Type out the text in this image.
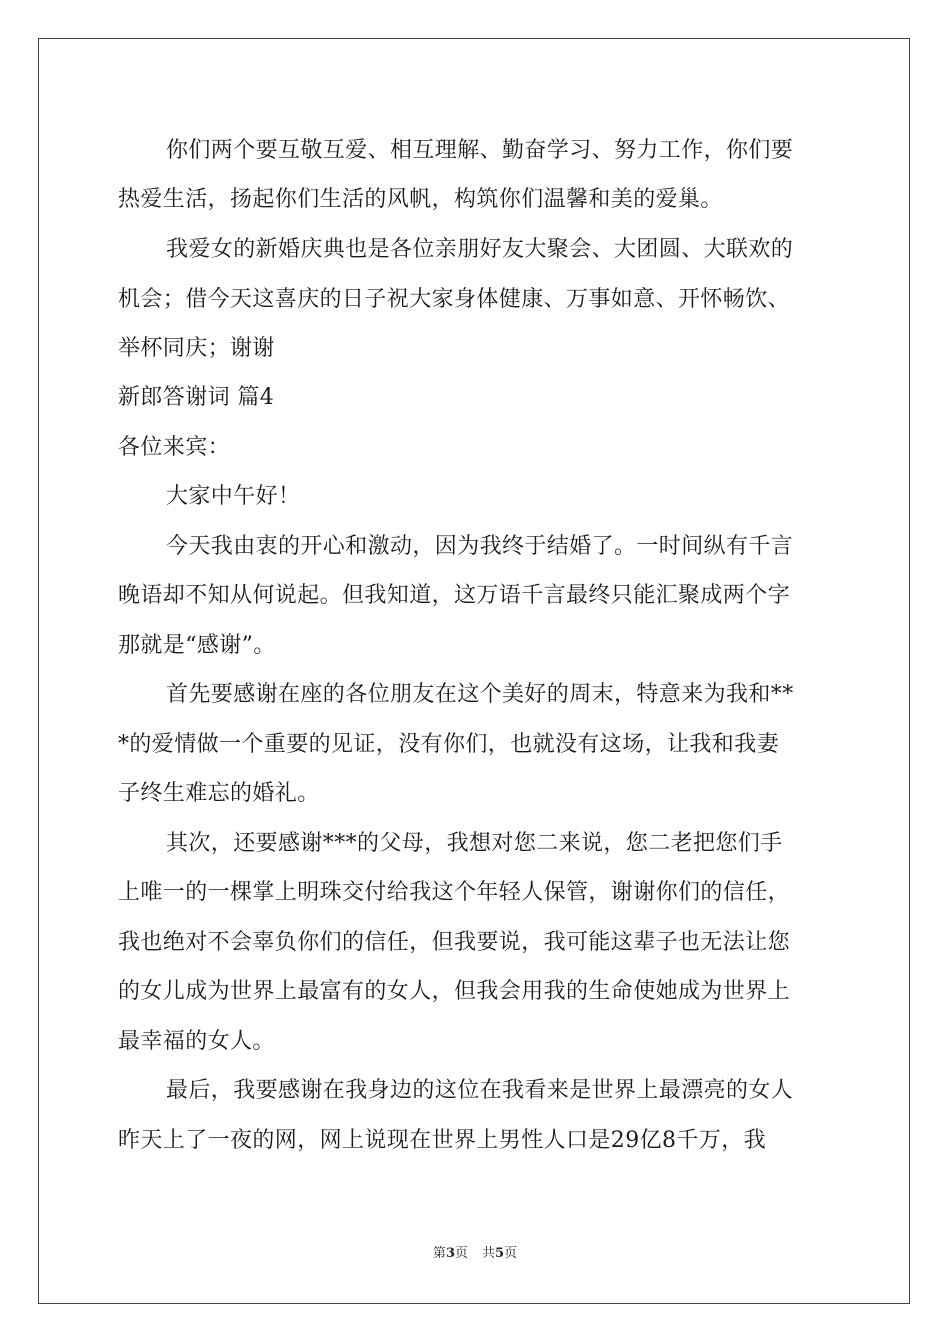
你们两个要互敬互爱、相互理解、勤奋学习、努力工作，你们要
热爱生活，扬起你们生活的风帆，构筑你们温馨和美的爱巢。
我爱女的新婚庆典也是各位亲朋好友大聚会、大团圆、大联欢的
机会；借今天这喜庆的日子祝大家身体健康、万事如意、开怀畅饮、
举杯同庆；谢谢
新郎答谢词 篇4
各位来宾：
大家中午好！
今天我由衷的开心和激动，因为我终于结婚了。一时间纵有千言
晚语却不知从何说起。但我知道，这万语千言最终只能汇聚成两个字
那就是“感谢”。
首先要感谢在座的各位朋友在这个美好的周末，特意来为我和**
*的爱情做一个重要的见证，没有你们，也就没有这场，让我和我妻
子终生难忘的婚礼。
其次，还要感谢***的父母，我想对您二来说，您二老把您们手
上唯一的一棵掌上明珠交付给我这个年轻人保管，谢谢你们的信任，
我也绝对不会辜负你们的信任，但我要说，我可能这辈子也无法让您
的女儿成为世界上最富有的女人，但我会用我的生命使她成为世界上
最幸福的女人。
最后，我要感谢在我身边的这位在我看来是世界上最漂亮的女人
昨天上了一夜的网，网上说现在世界上男性人口是29亿8千万，我
第3页 共5页
